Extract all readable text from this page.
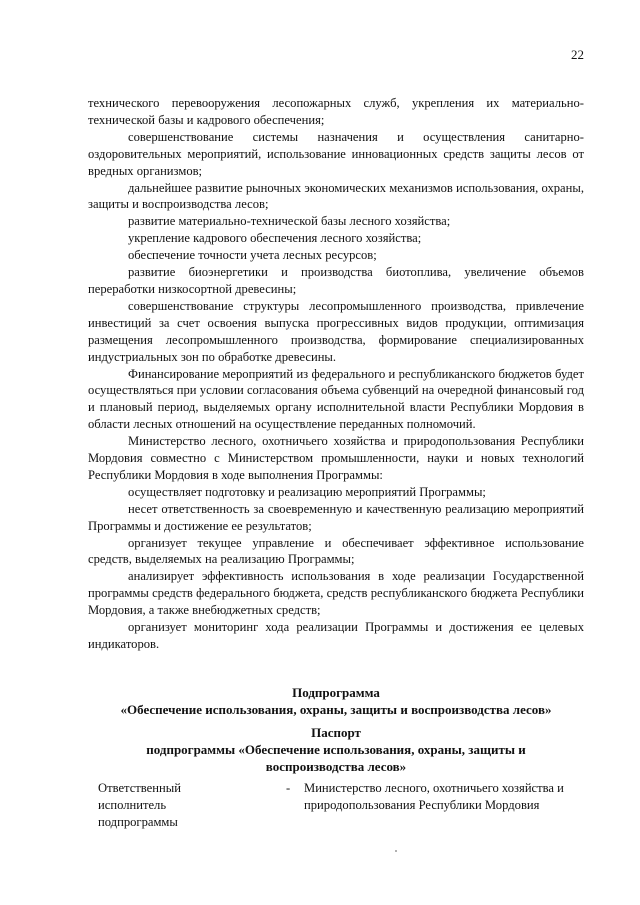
22

технического перевооружения лесопожарных служб, укрепления их материально-технической базы и кадрового обеспечения;

совершенствование системы назначения и осуществления санитарно-оздоровительных мероприятий, использование инновационных средств защиты лесов от вредных организмов;

дальнейшее развитие рыночных экономических механизмов использования, охраны, защиты и воспроизводства лесов;

развитие материально-технической базы лесного хозяйства;

укрепление кадрового обеспечения лесного хозяйства;

обеспечение точности учета лесных ресурсов;

развитие биоэнергетики и производства биотоплива, увеличение объемов переработки низкосортной древесины;

совершенствование структуры лесопромышленного производства, привлечение инвестиций за счет освоения выпуска прогрессивных видов продукции, оптимизация размещения лесопромышленного производства, формирование специализированных индустриальных зон по обработке древесины.

Финансирование мероприятий из федерального и республиканского бюджетов будет осуществляться при условии согласования объема субвенций на очередной финансовый год и плановый период, выделяемых органу исполнительной власти Республики Мордовия в области лесных отношений на осуществление переданных полномочий.

Министерство лесного, охотничьего хозяйства и природопользования Республики Мордовия совместно с Министерством промышленности, науки и новых технологий Республики Мордовия в ходе выполнения Программы:

осуществляет подготовку и реализацию мероприятий Программы;

несет ответственность за своевременную и качественную реализацию мероприятий Программы и достижение ее результатов;

организует текущее управление и обеспечивает эффективное использование средств, выделяемых на реализацию Программы;

анализирует эффективность использования в ходе реализации Государственной программы средств федерального бюджета, средств республиканского бюджета Республики Мордовия, а также внебюджетных средств;

организует мониторинг хода реализации Программы и достижения ее целевых индикаторов.

Подпрограмма
«Обеспечение использования, охраны, защиты и воспроизводства лесов»
Паспорт
подпрограммы «Обеспечение использования, охраны, защиты и
воспроизводства лесов»
Ответственный исполнитель подпрограммы
- Министерство лесного, охотничьего хозяйства и природопользования Республики Мордовия
